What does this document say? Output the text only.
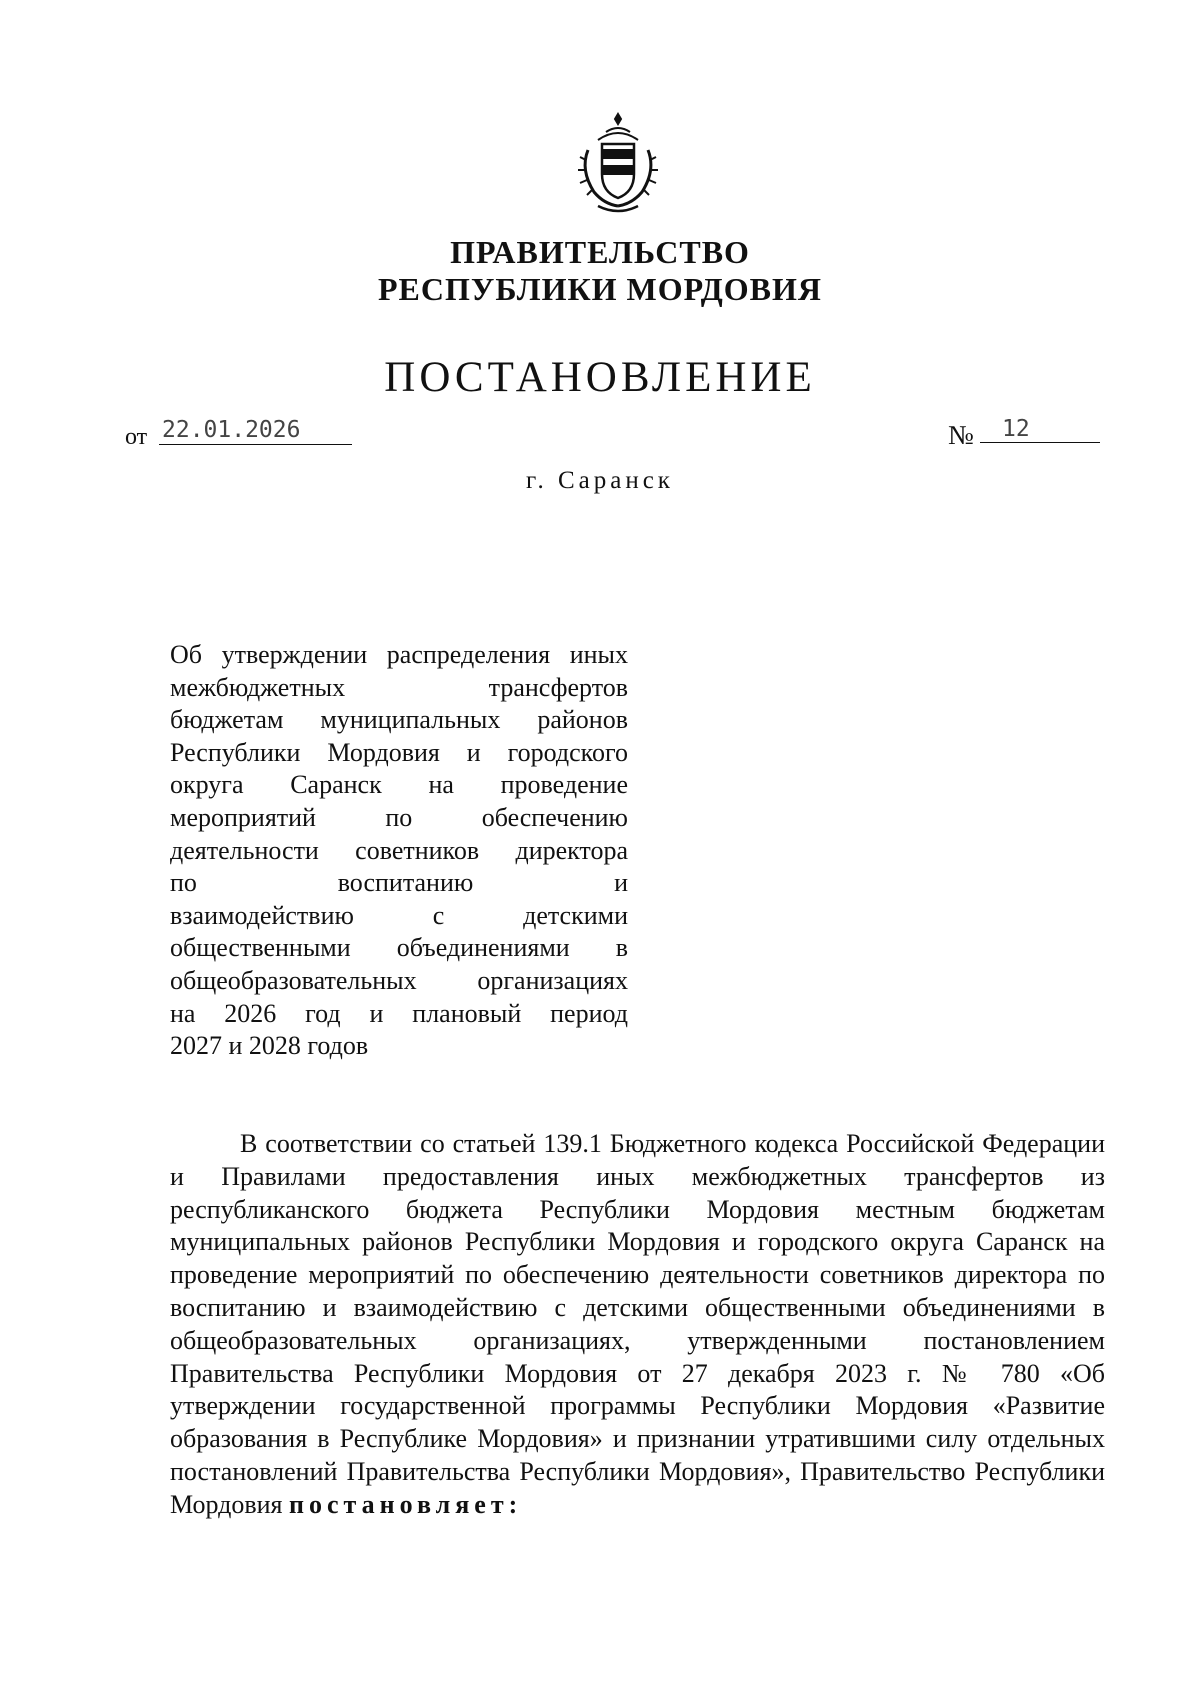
ПРАВИТЕЛЬСТВО
РЕСПУБЛИКИ МОРДОВИЯ
ПОСТАНОВЛЕНИЕ
от 22.01.2026	№	12
г. Саранск
Об утверждении распределения иных
межбюджетных трансфертов
бюджетам муниципальных районов
Республики Мордовия и городского
округа Саранск на проведение
мероприятий по обеспечению
деятельности советников директора
по воспитанию и
взаимодействию с детскими
общественными объединениями в
общеобразовательных организациях
на 2026 год и плановый период
2027 и 2028 годов
В соответствии со статьей 139.1 Бюджетного кодекса Российской Федерации и Правилами предоставления иных межбюджетных трансфертов из республиканского бюджета Республики Мордовия местным бюджетам муниципальных районов Республики Мордовия и городского округа Саранск на проведение мероприятий по обеспечению деятельности советников директора по воспитанию и взаимодействию с детскими общественными объединениями в общеобразовательных организациях, утвержденными постановлением Правительства Республики Мордовия от 27 декабря 2023 г. № 780 «Об утверждении государственной программы Республики Мордовия «Развитие образования в Республике Мордовия» и признании утратившими силу отдельных постановлений Правительства Республики Мордовия», Правительство Республики Мордовия постановляет:
